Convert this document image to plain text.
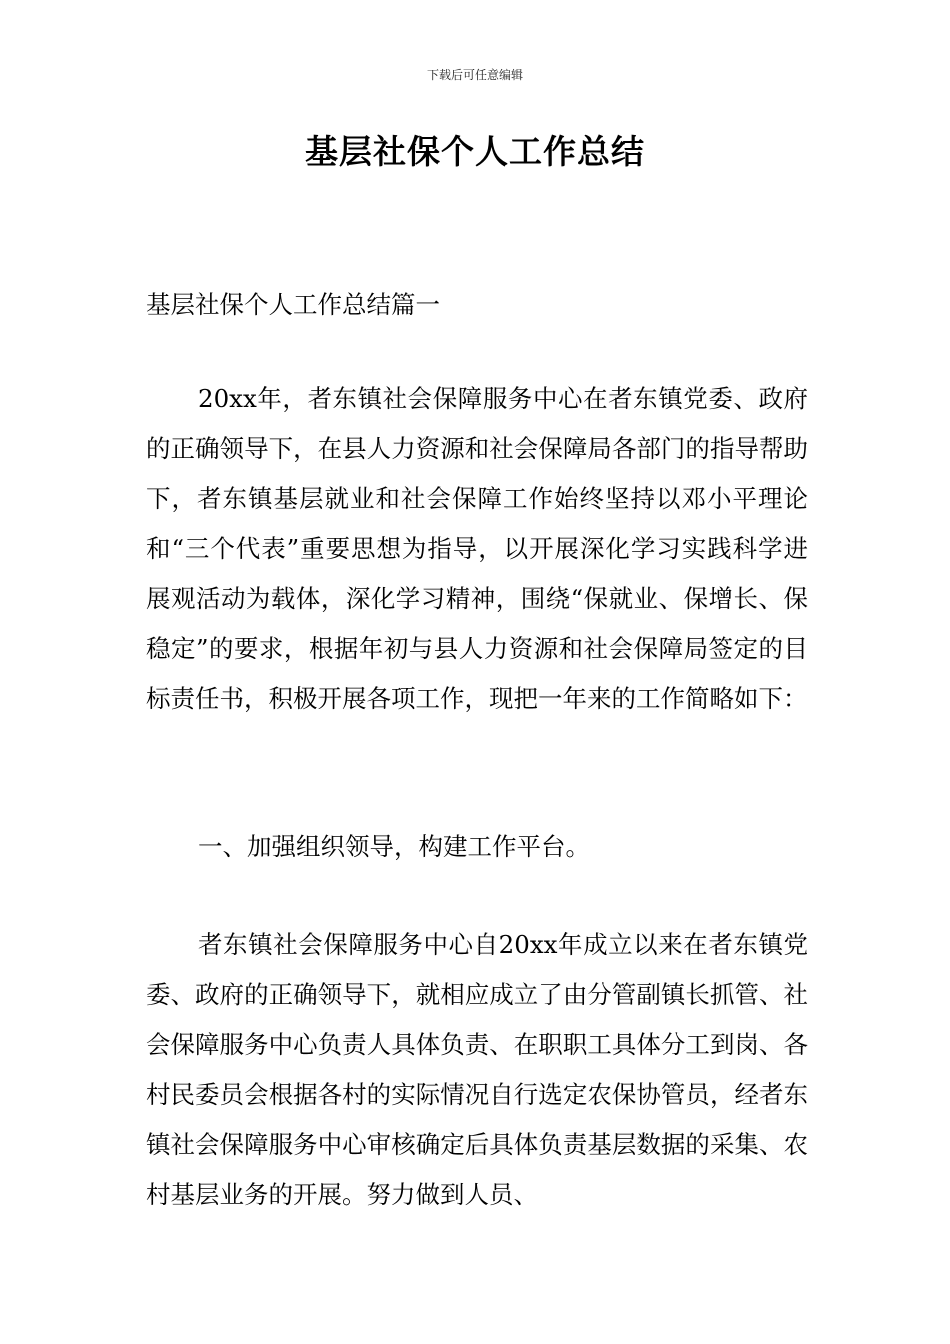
下载后可任意编辑
基层社保个人工作总结

基层社保个人工作总结篇一

20xx年，者东镇社会保障服务中心在者东镇党委、政府的正确领导下，在县人力资源和社会保障局各部门的指导帮助下，者东镇基层就业和社会保障工作始终坚持以邓小平理论和“三个代表”重要思想为指导，以开展深化学习实践科学进展观活动为载体，深化学习精神，围绕“保就业、保增长、保稳定”的要求，根据年初与县人力资源和社会保障局签定的目标责任书，积极开展各项工作，现把一年来的工作简略如下：

一、加强组织领导，构建工作平台。

者东镇社会保障服务中心自20xx年成立以来在者东镇党委、政府的正确领导下，就相应成立了由分管副镇长抓管、社会保障服务中心负责人具体负责、在职职工具体分工到岗、各村民委员会根据各村的实际情况自行选定农保协管员，经者东镇社会保障服务中心审核确定后具体负责基层数据的采集、农村基层业务的开展。努力做到人员、
